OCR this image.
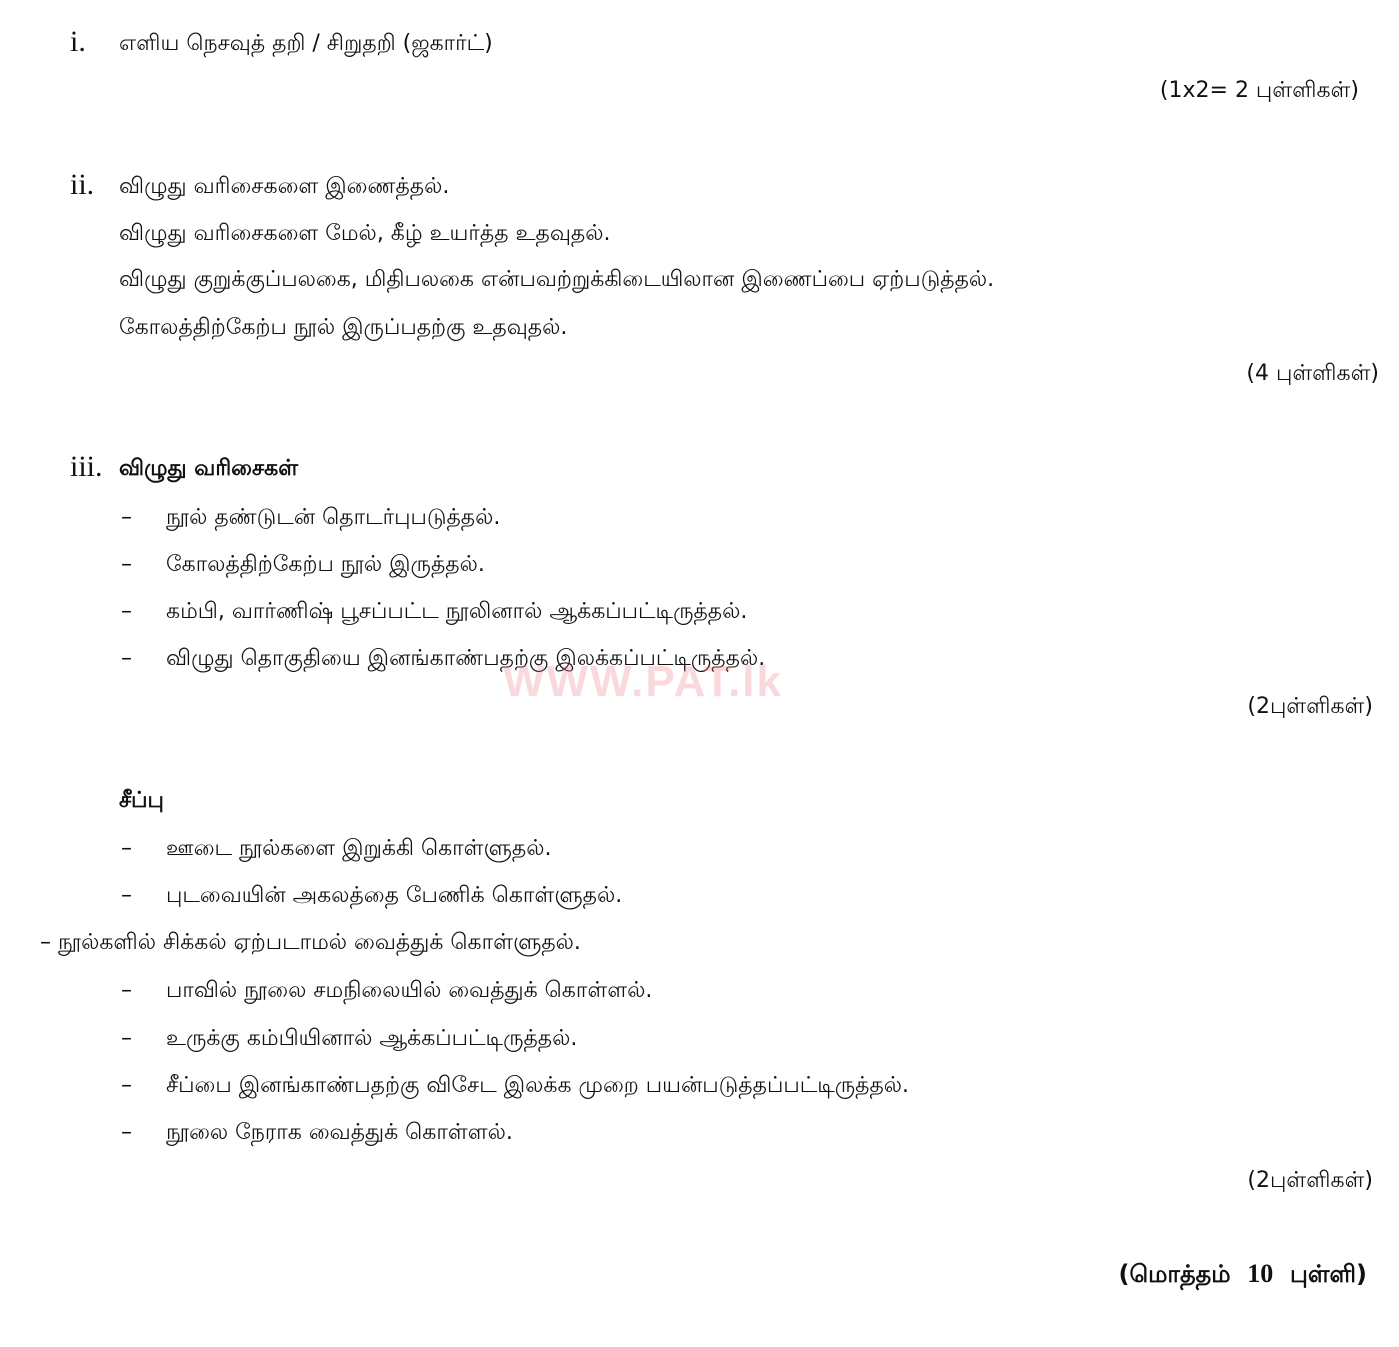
i. எளிய நெசவுத் தறி / சிறுதறி (ஜகார்ட்)
(1x2= 2 புள்ளிகள்)
ii. விழுது வரிசைகளை இணைத்தல்.
விழுது வரிசைகளை மேல், கீழ் உயர்த்த உதவுதல்.
விழுது குறுக்குப்பலகை, மிதிபலகை என்பவற்றுக்கிடையிலான இணைப்பை ஏற்படுத்தல்.
கோலத்திற்கேற்ப நூல் இருப்பதற்கு உதவுதல்.
(4 புள்ளிகள்)
iii. விழுது வரிசைகள்
– நூல் தண்டுடன் தொடர்புபடுத்தல்.
– கோலத்திற்கேற்ப நூல் இருத்தல்.
– கம்பி, வார்ணிஷ் பூசப்பட்ட நூலினால் ஆக்கப்பட்டிருத்தல்.
– விழுது தொகுதியை இனங்காண்பதற்கு இலக்கப்பட்டிருத்தல்.
WWW.PAT.lk
(2புள்ளிகள்)
சீப்பு
– ஊடை நூல்களை இறுக்கி கொள்ளுதல்.
– புடவையின் அகலத்தை பேணிக் கொள்ளுதல்.
– நூல்களில் சிக்கல் ஏற்படாமல் வைத்துக் கொள்ளுதல்.
– பாவில் நூலை சமநிலையில் வைத்துக் கொள்ளல்.
– உருக்கு கம்பியினால் ஆக்கப்பட்டிருத்தல்.
– சீப்பை இனங்காண்பதற்கு விசேட இலக்க முறை பயன்படுத்தப்பட்டிருத்தல்.
– நூலை நேராக வைத்துக் கொள்ளல்.
(2புள்ளிகள்)
(மொத்தம் 10 புள்ளி)
